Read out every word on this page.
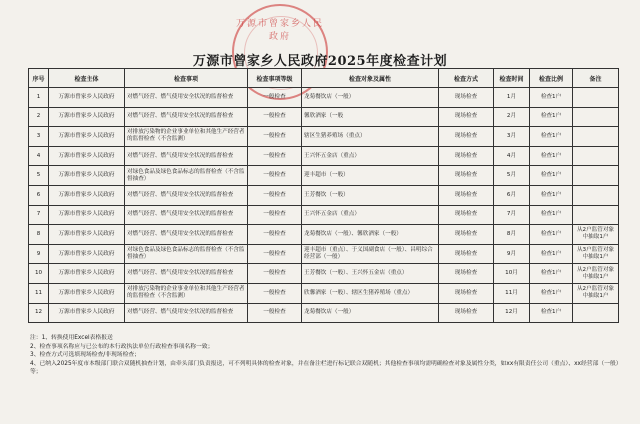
万源市曾家乡人民政府
万源市曾家乡人民政府2025年度检查计划
序号	检查主体	检查事项	检查事项等级	检查对象及属性	检查方式	检查时间	检查比例	备注
1	万源市曾家乡人民政府	对燃气经营、燃气使用安全状况的监督检查	一般检查	龙菊餐饮店（一般）	现场检查	1月	检查1户	
2	万源市曾家乡人民政府	对燃气经营、燃气使用安全状况的监督检查	一般检查	馨欣酒家（一般	现场检查	2月	检查1户	
3	万源市曾家乡人民政府	对排放污染物的企业事业单位和其他生产经营者的监督检查（不含监测）	一般检查	辖区生猪养殖场（重点）	现场检查	3月	检查1户	
4	万源市曾家乡人民政府	对燃气经营、燃气使用安全状况的监督检查	一般检查	王兴怀五金店（重点）	现场检查	4月	检查1户	
5	万源市曾家乡人民政府	对绿色食品及绿色食品标志的监督检查（不含监督抽查）	一般检查	迎丰超市（一般）	现场检查	5月	检查1户	
6	万源市曾家乡人民政府	对燃气经营、燃气使用安全状况的监督检查	一般检查	王芳餐饮（一般）	现场检查	6月	检查1户	
7	万源市曾家乡人民政府	对燃气经营、燃气使用安全状况的监督检查	一般检查	王兴怀五金店（重点）	现场检查	7月	检查1户	
8	万源市曾家乡人民政府	对燃气经营、燃气使用安全状况的监督检查	一般检查	龙菊餐饮店（一般）、馨欣酒家（一般）	现场检查	8月	检查1户	从2户监管对象中抽取1户
9	万源市曾家乡人民政府	对绿色食品及绿色食品标志的监督检查（不含监督抽查）	一般检查	迎丰超市（重点）、于义国副食店（一般）、昌明综合经营部（一般）	现场检查	9月	检查1户	从3户监管对象中抽取1户
10	万源市曾家乡人民政府	对燃气经营、燃气使用安全状况的监督检查	一般检查	王芳餐饮（一般）、王兴怀五金店（重点）	现场检查	10月	检查1户	从2户监管对象中抽取1户
11	万源市曾家乡人民政府	对排放污染物的企业事业单位和其他生产经营者的监督检查（不含监测）	一般检查	欣馨酒家（一般）、辖区生猪养殖场（重点）	现场检查	11月	检查1户	从2户监管对象中抽取1户
12	万源市曾家乡人民政府	对燃气经营、燃气使用安全状况的监督检查	一般检查	龙菊餐饮店（一般）	现场检查	12月	检查1户	
注：1、转换使用Excel表格报送
2、检查事项名称应与已公布的本行政执法单位行政检查事项名称一致；
3、检查方式可选填现场检查/非现场检查；
4、已纳入2025年度市本级部门联合双随机抽查计划，由牵头部门负责报送，可不列明具体的检查对象，并在备注栏进行标记联合双随机；其他检查事项均需明确检查对象及属性分类，如xx有限责任公司（重点）、xx经营部（一般）等；
